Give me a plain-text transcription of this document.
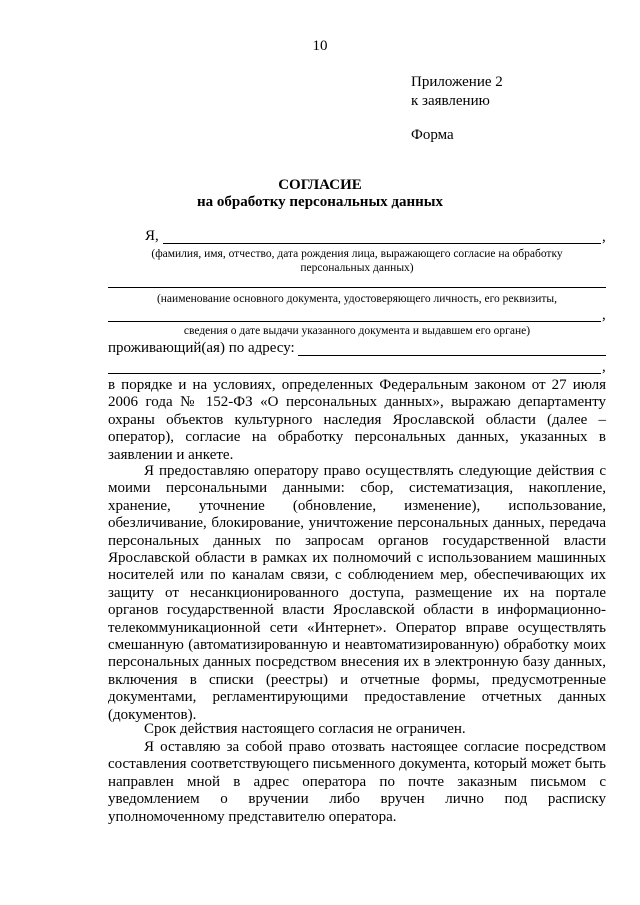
10
Приложение 2
к заявлению
Форма
СОГЛАСИЕ
на обработку персональных данных
Я,	,
(фамилия, имя, отчество, дата рождения лица, выражающего согласие на обработку
персональных данных)
(наименование основного документа, удостоверяющего личность, его реквизиты,
,
сведения о дате выдачи указанного документа и выдавшем его органе)
проживающий(ая) по адресу:
,
в порядке и на условиях, определенных Федеральным законом от 27 июля 2006 года № 152-ФЗ «О персональных данных», выражаю департаменту охраны объектов культурного наследия Ярославской области (далее – оператор), согласие на обработку персональных данных, указанных в заявлении и анкете.
Я предоставляю оператору право осуществлять следующие действия с моими персональными данными: сбор, систематизация, накопление, хранение, уточнение (обновление, изменение), использование, обезличивание, блокирование, уничтожение персональных данных, передача персональных данных по запросам органов государственной власти Ярославской области в рамках их полномочий с использованием машинных носителей или по каналам связи, с соблюдением мер, обеспечивающих их защиту от несанкционированного доступа, размещение их на портале органов государственной власти Ярославской области в информационно-телекоммуникационной сети «Интернет». Оператор вправе осуществлять смешанную (автоматизированную и неавтоматизированную) обработку моих персональных данных посредством внесения их в электронную базу данных, включения в списки (реестры) и отчетные формы, предусмотренные документами, регламентирующими предоставление отчетных данных (документов).
Срок действия настоящего согласия не ограничен.
Я оставляю за собой право отозвать настоящее согласие посредством составления соответствующего письменного документа, который может быть направлен мной в адрес оператора по почте заказным письмом с уведомлением о вручении либо вручен лично под расписку уполномоченному представителю оператора.
